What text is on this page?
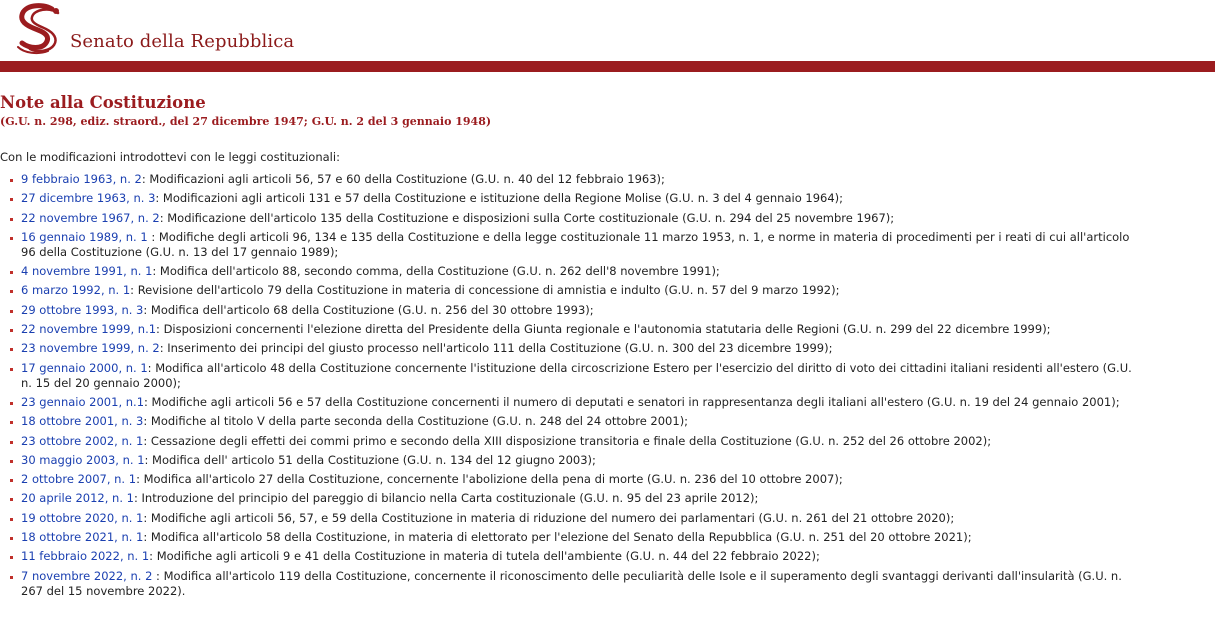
Senato della Repubblica
Note alla Costituzione
(G.U. n. 298, ediz. straord., del 27 dicembre 1947; G.U. n. 2 del 3 gennaio 1948)

Con le modificazioni introdottevi con le leggi costituzionali:

9 febbraio 1963, n. 2: Modificazioni agli articoli 56, 57 e 60 della Costituzione (G.U. n. 40 del 12 febbraio 1963);
27 dicembre 1963, n. 3: Modificazioni agli articoli 131 e 57 della Costituzione e istituzione della Regione Molise (G.U. n. 3 del 4 gennaio 1964);
22 novembre 1967, n. 2: Modificazione dell'articolo 135 della Costituzione e disposizioni sulla Corte costituzionale (G.U. n. 294 del 25 novembre 1967);
16 gennaio 1989, n. 1 : Modifiche degli articoli 96, 134 e 135 della Costituzione e della legge costituzionale 11 marzo 1953, n. 1, e norme in materia di procedimenti per i reati di cui all'articolo 96 della Costituzione (G.U. n. 13 del 17 gennaio 1989);
4 novembre 1991, n. 1: Modifica dell'articolo 88, secondo comma, della Costituzione (G.U. n. 262 dell'8 novembre 1991);
6 marzo 1992, n. 1: Revisione dell'articolo 79 della Costituzione in materia di concessione di amnistia e indulto (G.U. n. 57 del 9 marzo 1992);
29 ottobre 1993, n. 3: Modifica dell'articolo 68 della Costituzione (G.U. n. 256 del 30 ottobre 1993);
22 novembre 1999, n.1: Disposizioni concernenti l'elezione diretta del Presidente della Giunta regionale e l'autonomia statutaria delle Regioni (G.U. n. 299 del 22 dicembre 1999);
23 novembre 1999, n. 2: Inserimento dei principi del giusto processo nell'articolo 111 della Costituzione (G.U. n. 300 del 23 dicembre 1999);
17 gennaio 2000, n. 1: Modifica all'articolo 48 della Costituzione concernente l'istituzione della circoscrizione Estero per l'esercizio del diritto di voto dei cittadini italiani residenti all'estero (G.U. n. 15 del 20 gennaio 2000);
23 gennaio 2001, n.1: Modifiche agli articoli 56 e 57 della Costituzione concernenti il numero di deputati e senatori in rappresentanza degli italiani all'estero (G.U. n. 19 del 24 gennaio 2001);
18 ottobre 2001, n. 3: Modifiche al titolo V della parte seconda della Costituzione (G.U. n. 248 del 24 ottobre 2001);
23 ottobre 2002, n. 1: Cessazione degli effetti dei commi primo e secondo della XIII disposizione transitoria e finale della Costituzione (G.U. n. 252 del 26 ottobre 2002);
30 maggio 2003, n. 1: Modifica dell' articolo 51 della Costituzione (G.U. n. 134 del 12 giugno 2003);
2 ottobre 2007, n. 1: Modifica all'articolo 27 della Costituzione, concernente l'abolizione della pena di morte (G.U. n. 236 del 10 ottobre 2007);
20 aprile 2012, n. 1: Introduzione del principio del pareggio di bilancio nella Carta costituzionale (G.U. n. 95 del 23 aprile 2012);
19 ottobre 2020, n. 1: Modifiche agli articoli 56, 57, e 59 della Costituzione in materia di riduzione del numero dei parlamentari (G.U. n. 261 del 21 ottobre 2020);
18 ottobre 2021, n. 1: Modifica all'articolo 58 della Costituzione, in materia di elettorato per l'elezione del Senato della Repubblica (G.U. n. 251 del 20 ottobre 2021);
11 febbraio 2022, n. 1: Modifiche agli articoli 9 e 41 della Costituzione in materia di tutela dell'ambiente (G.U. n. 44 del 22 febbraio 2022);
7 novembre 2022, n. 2 : Modifica all'articolo 119 della Costituzione, concernente il riconoscimento delle peculiarità delle Isole e il superamento degli svantaggi derivanti dall'insularità (G.U. n. 267 del 15 novembre 2022).
